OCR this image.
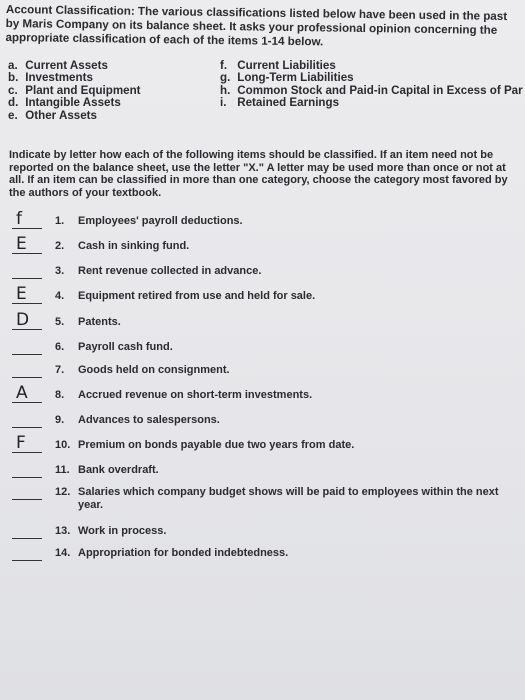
Account Classification: The various classifications listed below have been used in the past by Maris Company on its balance sheet. It asks your professional opinion concerning the appropriate classification of each of the items 1-14 below.
a. Current Assets
b. Investments
c. Plant and Equipment
d. Intangible Assets
e. Other Assets
f. Current Liabilities
g. Long-Term Liabilities
h. Common Stock and Paid-in Capital in Excess of Par
i. Retained Earnings
Indicate by letter how each of the following items should be classified. If an item need not be reported on the balance sheet, use the letter "X." A letter may be used more than once or not at all. If an item can be classified in more than one category, choose the category most favored by the authors of your textbook.
f	1. Employees' payroll deductions.
E	2. Cash in sinking fund.
3. Rent revenue collected in advance.
E	4. Equipment retired from use and held for sale.
D 5. Patents.
6. Payroll cash fund.
7. Goods held on consignment.
A 8. Accrued revenue on short-term investments.
9. Advances to salespersons.
F	10. Premium on bonds payable due two years from date.
11. Bank overdraft.
12. Salaries which company budget shows will be paid to employees within the next year.
13. Work in process.
14. Appropriation for bonded indebtedness.
